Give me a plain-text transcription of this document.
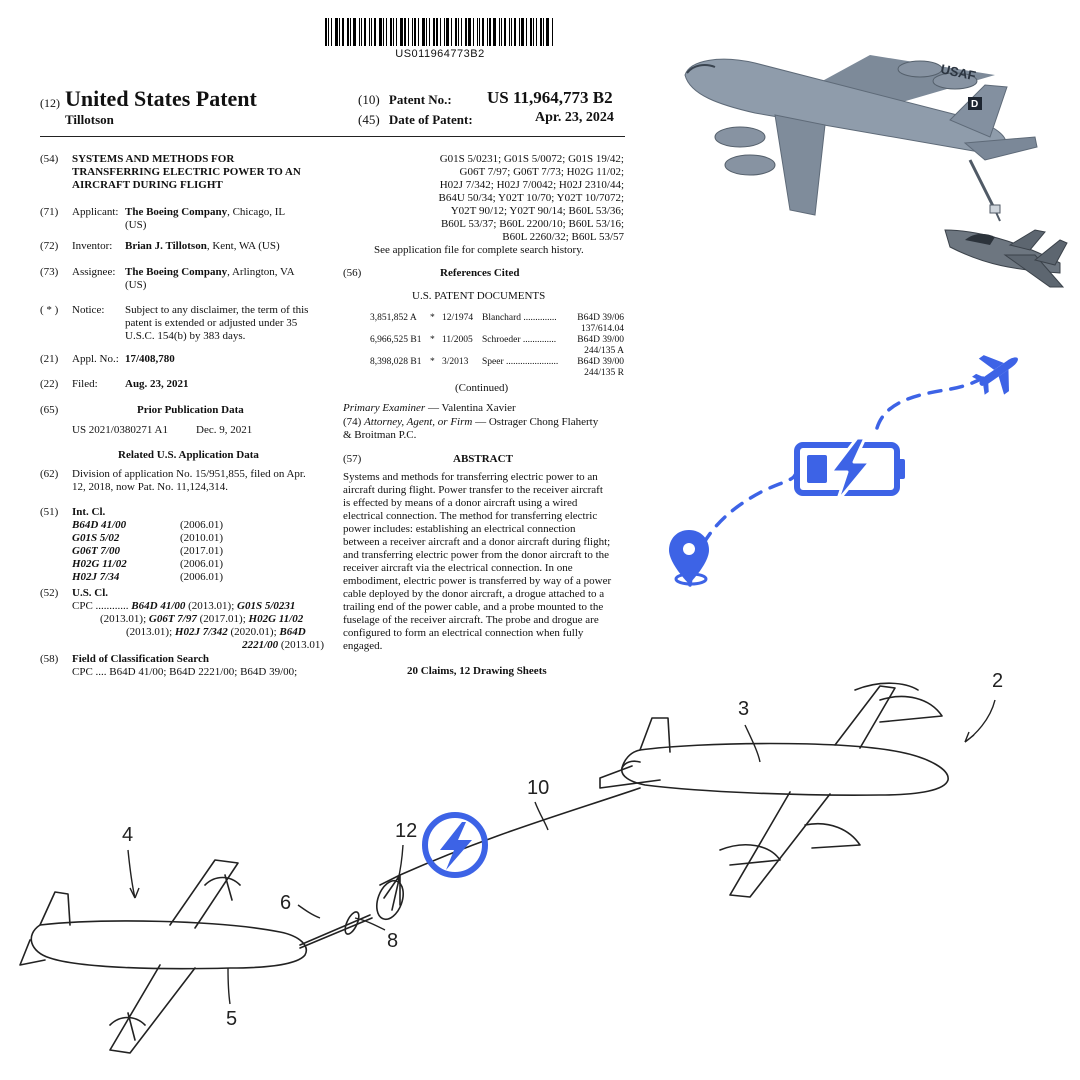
US011964773B2
(12) United States Patent
Tillotson
(10) Patent No.: US 11,964,773 B2
(45) Date of Patent:	Apr. 23, 2024
(54) SYSTEMS AND METHODS FOR
TRANSFERRING ELECTRIC POWER TO AN
AIRCRAFT DURING FLIGHT
(71) Applicant: The Boeing Company, Chicago, IL
(US)
(72) Inventor: Brian J. Tillotson, Kent, WA (US)
(73) Assignee: The Boeing Company, Arlington, VA
(US)
( * ) Notice: Subject to any disclaimer, the term of this
patent is extended or adjusted under 35
U.S.C. 154(b) by 383 days.
(21) Appl. No.: 17/408,780
(22) Filed: Aug. 23, 2021
(65)	Prior Publication Data
US 2021/0380271 A1	Dec. 9, 2021
Related U.S. Application Data
(62) Division of application No. 15/951,855, filed on Apr.
12, 2018, now Pat. No. 11,124,314.
(51) Int. Cl.
B64D 41/00	(2006.01)
G01S 5/02	(2010.01)
G06T 7/00	(2017.01)
H02G 11/02	(2006.01)
H02J 7/34	(2006.01)
(52) U.S. Cl.
CPC ............ B64D 41/00 (2013.01); G01S 5/0231
(2013.01); G06T 7/97 (2017.01); H02G 11/02
(2013.01); H02J 7/342 (2020.01); B64D
2221/00 (2013.01)
(58) Field of Classification Search
CPC .... B64D 41/00; B64D 2221/00; B64D 39/00;
G01S 5/0231; G01S 5/0072; G01S 19/42;
G06T 7/97; G06T 7/73; H02G 11/02;
H02J 7/342; H02J 7/0042; H02J 2310/44;
B64U 50/34; Y02T 10/70; Y02T 10/7072;
Y02T 90/12; Y02T 90/14; B60L 53/36;
B60L 53/37; B60L 2200/10; B60L 53/16;
B60L 2260/32; B60L 53/57
See application file for complete search history.
(56)	References Cited
U.S. PATENT DOCUMENTS
3,851,852 A * 12/1974 Blanchard .............. B64D 39/06
137/614.04
6,966,525 B1 * 11/2005 Schroeder .............. B64D 39/00
244/135 A
8,398,028 B1 * 3/2013 Speer ...................... B64D 39/00
244/135 R
(Continued)
Primary Examiner — Valentina Xavier
(74) Attorney, Agent, or Firm — Ostrager Chong Flaherty
& Broitman P.C.
(57)	ABSTRACT
Systems and methods for transferring electric power to an
aircraft during flight. Power transfer to the receiver aircraft
is effected by means of a donor aircraft using a wired
electrical connection. The method for transferring electric
power includes: establishing an electrical connection
between a receiver aircraft and a donor aircraft during flight;
and transferring electric power from the donor aircraft to the
receiver aircraft via the electrical connection. In one
embodiment, electric power is transferred by way of a power
cable deployed by the donor aircraft, a drogue attached to a
trailing end of the power cable, and a probe mounted to the
fuselage of the receiver aircraft. The probe and drogue are
configured to form an electrical connection when fully
engaged.
20 Claims, 12 Drawing Sheets
D
USAF
2
3
10
12
4
6
8
5
